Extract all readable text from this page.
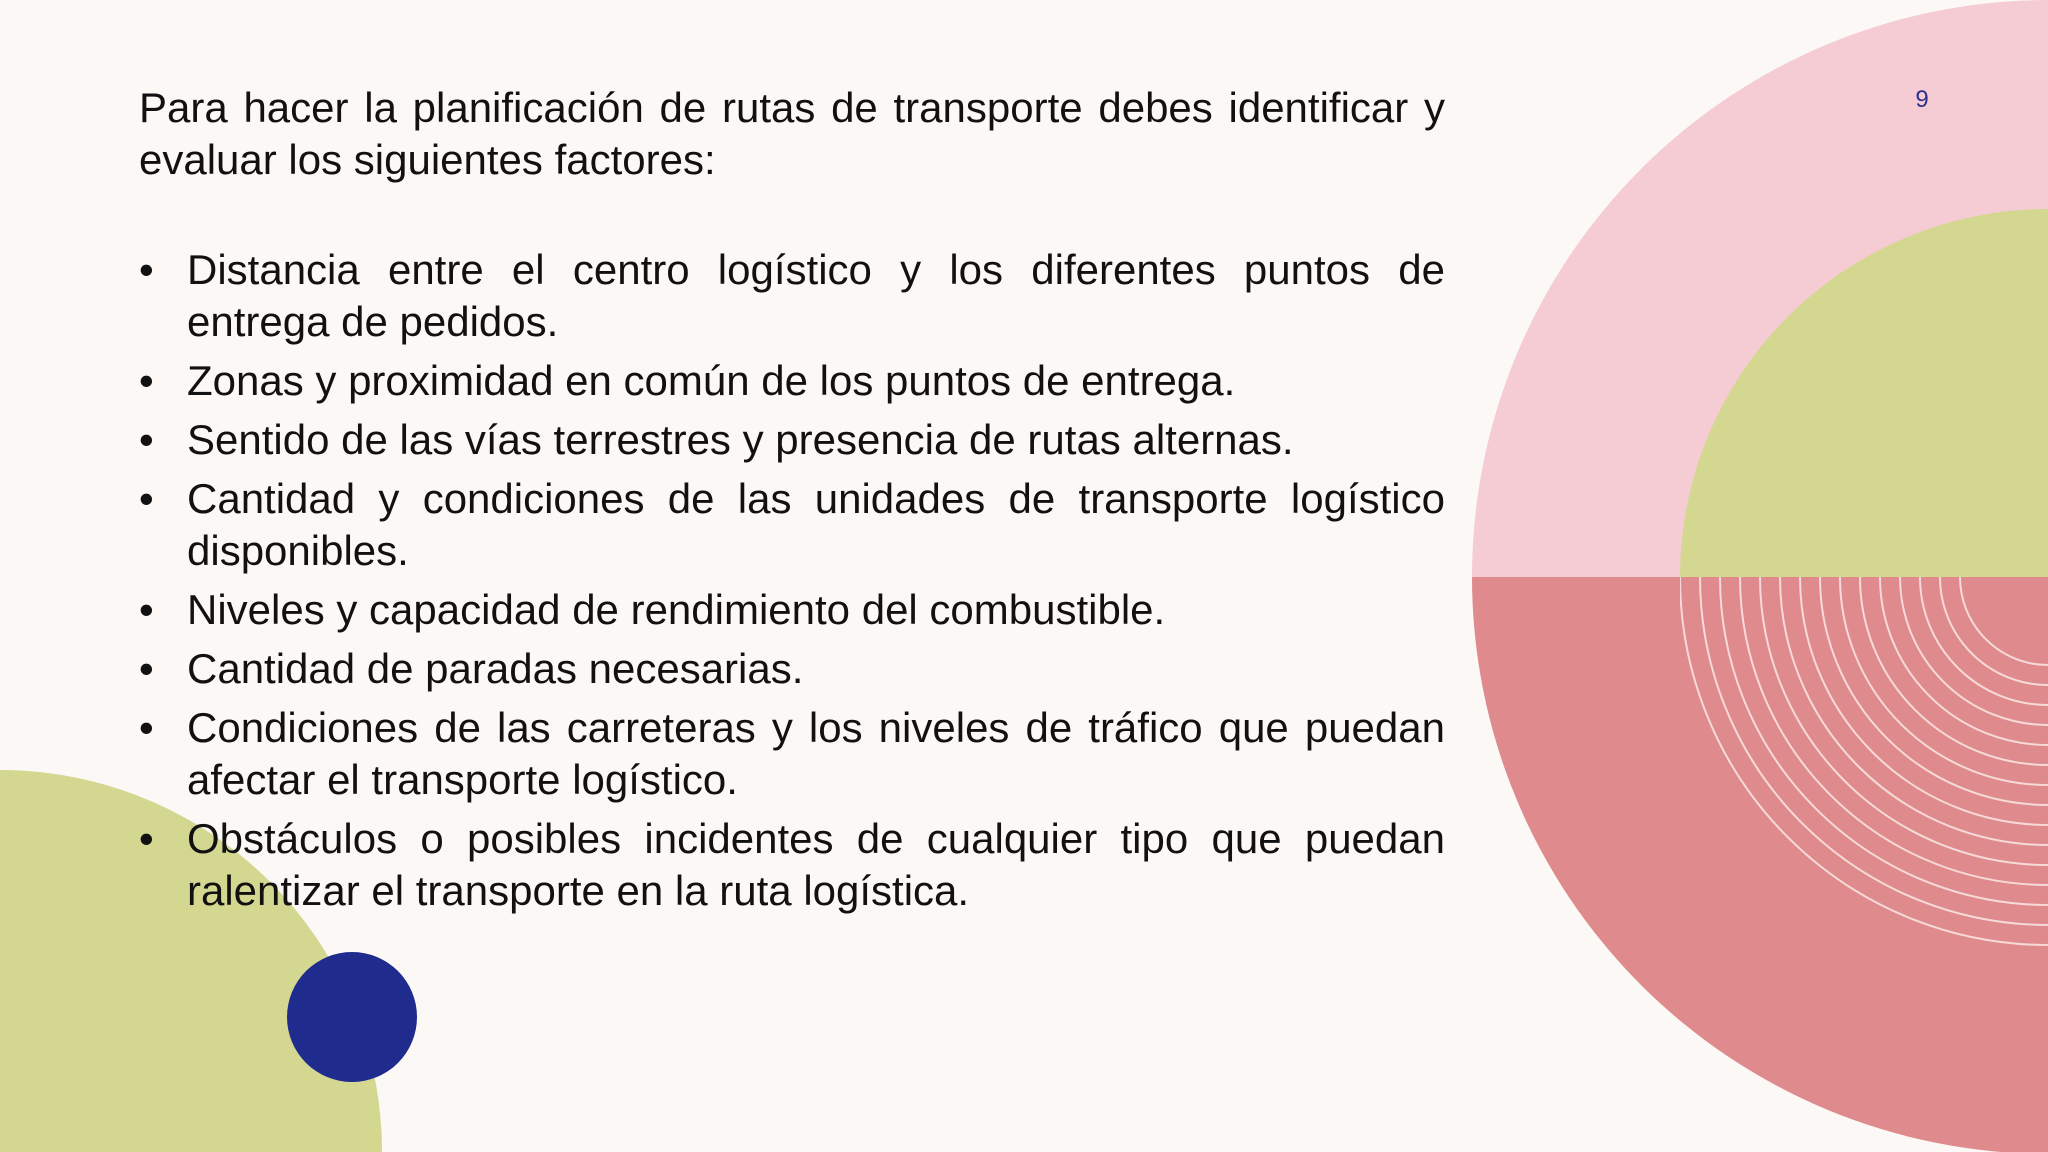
9

Para hacer la planificación de rutas de transporte debes identificar y evaluar los siguientes factores:

• Distancia entre el centro logístico y los diferentes puntos de entrega de pedidos.
• Zonas y proximidad en común de los puntos de entrega.
• Sentido de las vías terrestres y presencia de rutas alternas.
• Cantidad y condiciones de las unidades de transporte logístico disponibles.
• Niveles y capacidad de rendimiento del combustible.
• Cantidad de paradas necesarias.
• Condiciones de las carreteras y los niveles de tráfico que puedan afectar el transporte logístico.
• Obstáculos o posibles incidentes de cualquier tipo que puedan ralentizar el transporte en la ruta logística.
